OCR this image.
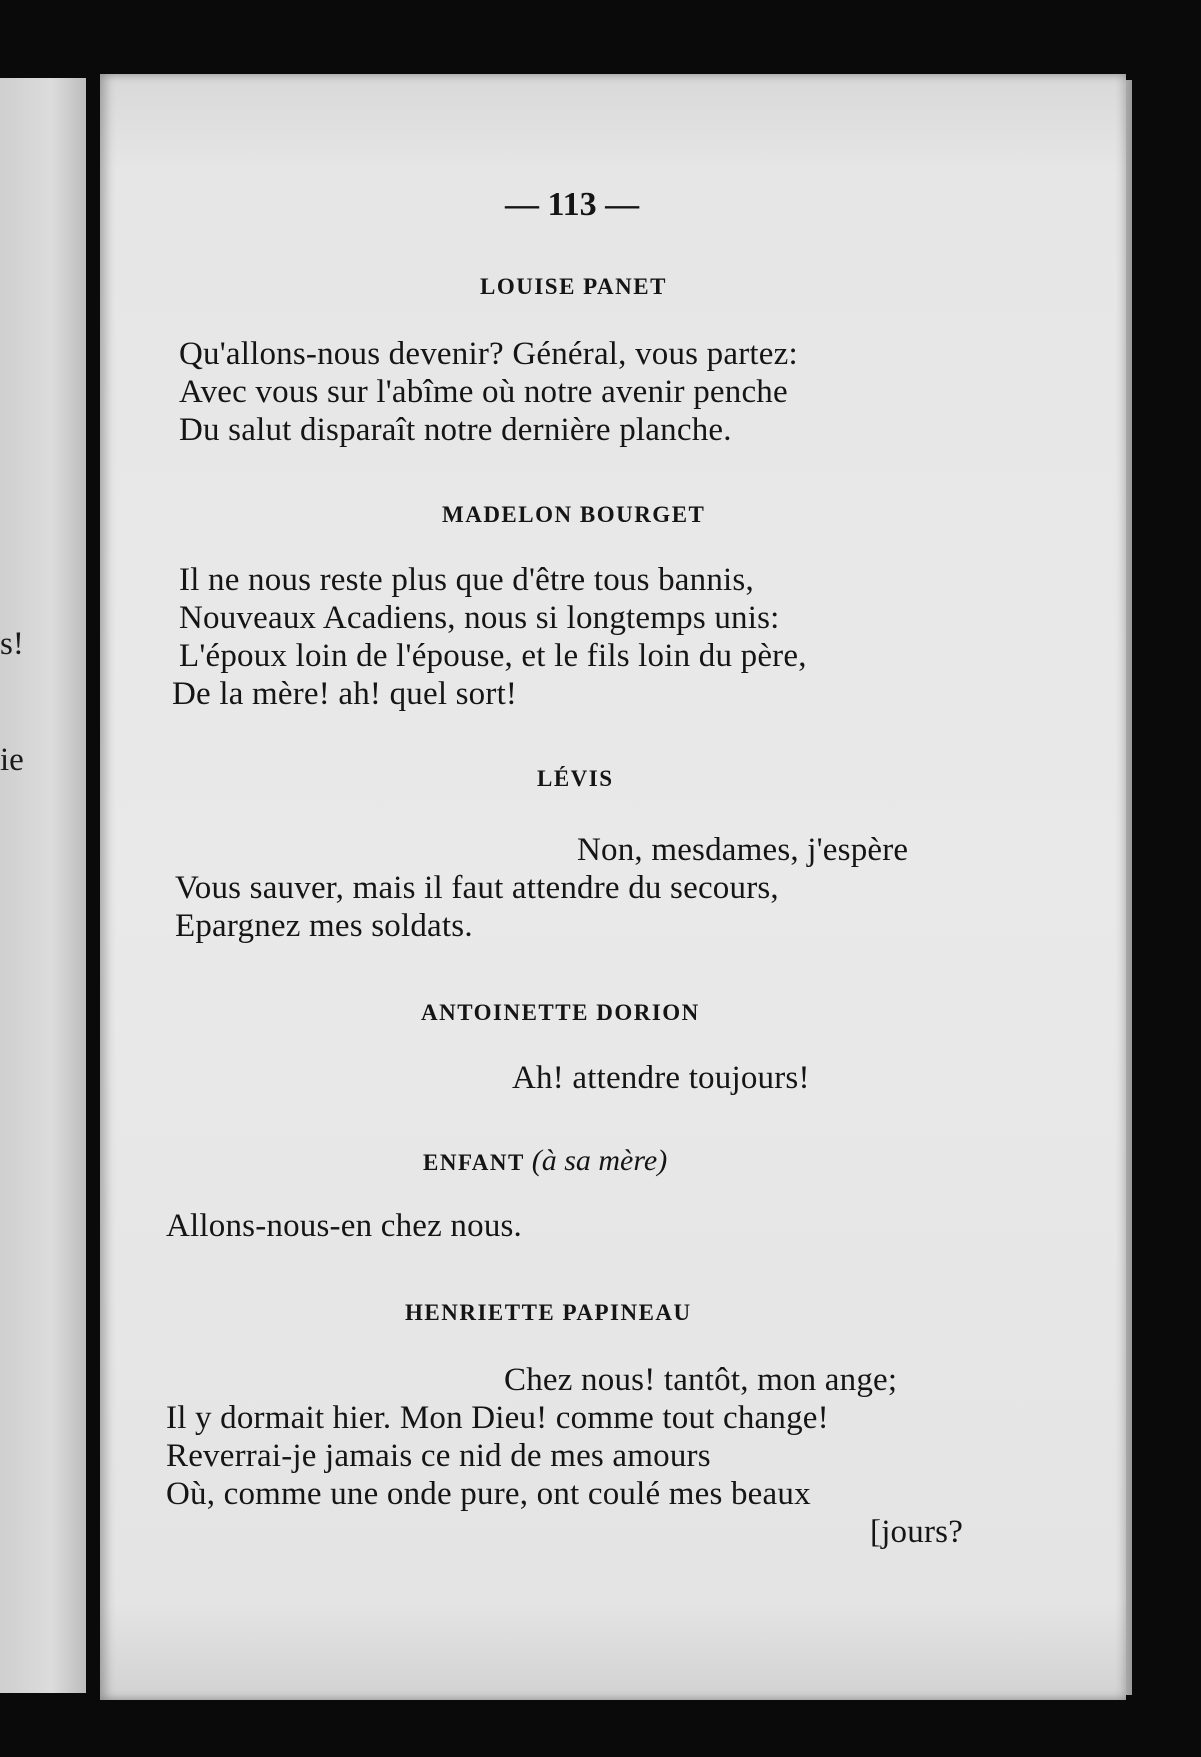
s!
ie

— 113 —

LOUISE PANET

Qu'allons-nous devenir? Général, vous partez:

Avec vous sur l'abîme où notre avenir penche

Du salut disparaît notre dernière planche.

MADELON BOURGET

Il ne nous reste plus que d'être tous bannis,

Nouveaux Acadiens, nous si longtemps unis:

L'époux loin de l'épouse, et le fils loin du père,

De la mère! ah! quel sort!

LÉVIS

Non, mesdames, j'espère

Vous sauver, mais il faut attendre du secours,

Epargnez mes soldats.

ANTOINETTE DORION

Ah! attendre toujours!

ENFANT (à sa mère)

Allons-nous-en chez nous.

HENRIETTE PAPINEAU

Chez nous! tantôt, mon ange;

Il y dormait hier. Mon Dieu! comme tout change!

Reverrai-je jamais ce nid de mes amours

Où, comme une onde pure, ont coulé mes beaux

[jours?
